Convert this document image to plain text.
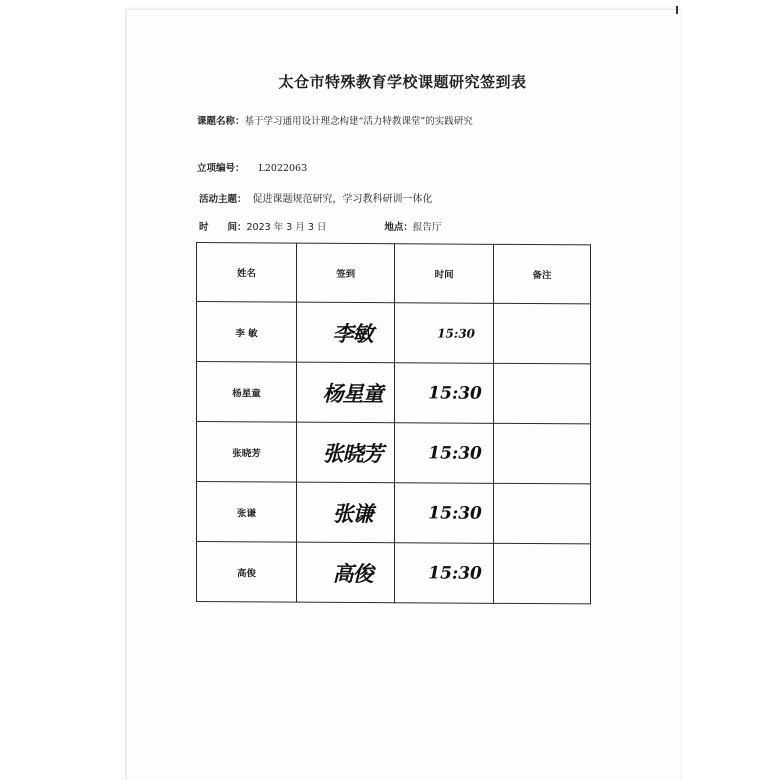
太仓市特殊教育学校课题研究签到表
课题名称：基于学习通用设计理念构建“活力特教课堂”的实践研究
立项编号： L2022063
活动主题： 促进课题规范研究，学习教科研训一体化
时　　间：2023 年 3 月 3 日	地点：报告厅
姓名	签到	时间	备注
李 敏	李敏	15:30	
杨星童	杨星童	15:30	
张晓芳	张晓芳	15:30	
张谦	张谦	15:30	
高俊	高俊	15:30	
